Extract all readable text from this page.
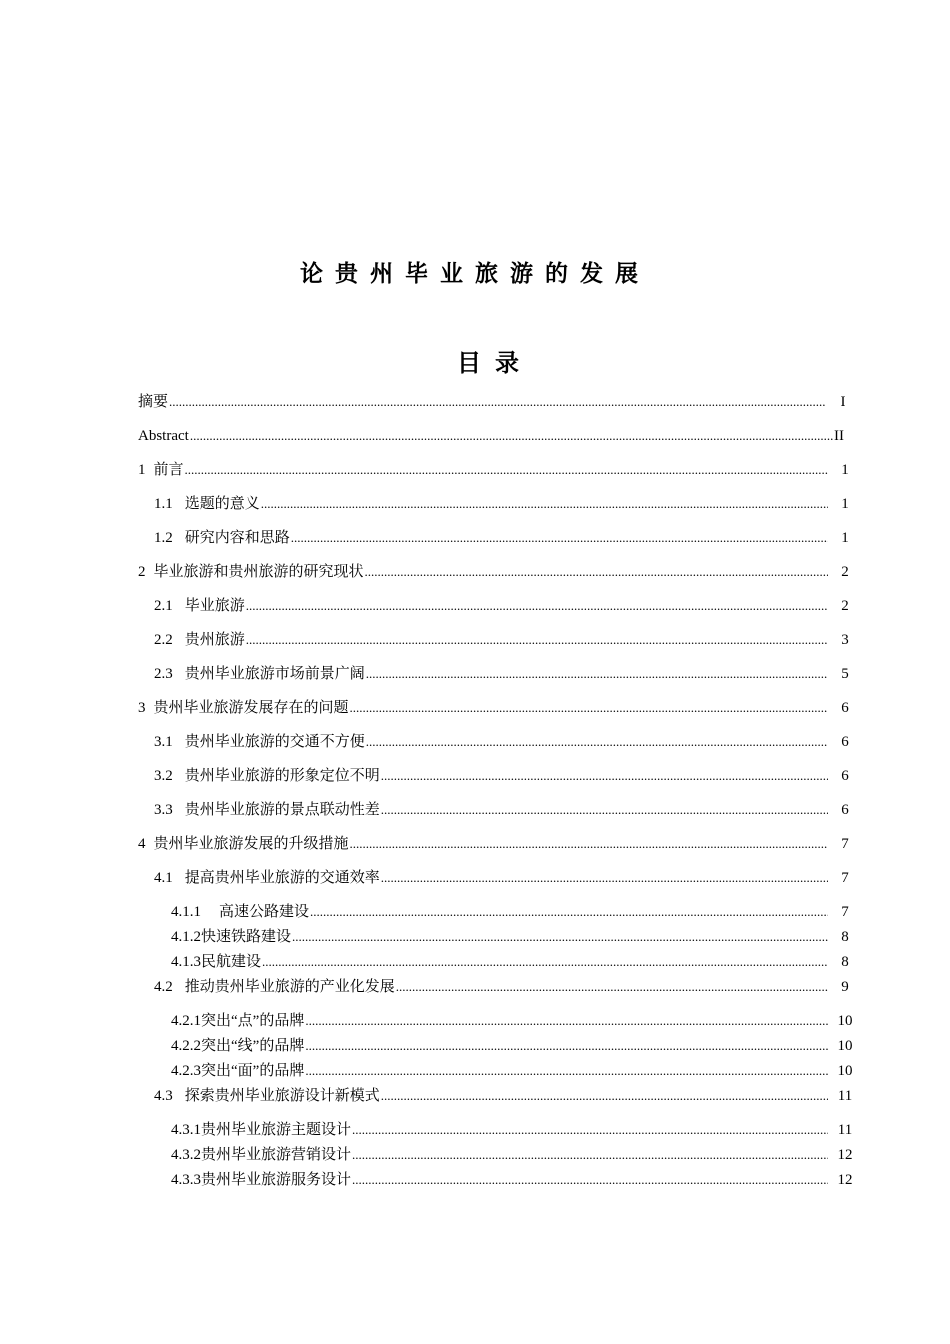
论贵州毕业旅游的发展
目录
摘要 .....	I
Abstract .....	II
1 前言 .....	1
1.1 选题的意义 .....	1
1.2 研究内容和思路 .....	1
2 毕业旅游和贵州旅游的研究现状 .....	2
2.1 毕业旅游 .....	2
2.2 贵州旅游 .....	3
2.3 贵州毕业旅游市场前景广阔 .....	5
3 贵州毕业旅游发展存在的问题 .....	6
3.1 贵州毕业旅游的交通不方便 .....	6
3.2 贵州毕业旅游的形象定位不明 .....	6
3.3 贵州毕业旅游的景点联动性差 .....	6
4 贵州毕业旅游发展的升级措施 .....	7
4.1 提高贵州毕业旅游的交通效率 .....	7
4.1.1 高速公路建设 .....	7
4.1.2快速铁路建设 .....	8
4.1.3民航建设 .....	8
4.2 推动贵州毕业旅游的产业化发展 .....	9
4.2.1突出“点”的品牌 .....	10
4.2.2突出“线”的品牌 .....	10
4.2.3突出“面”的品牌 .....	10
4.3 探索贵州毕业旅游设计新模式 .....	11
4.3.1贵州毕业旅游主题设计 .....	11
4.3.2贵州毕业旅游营销设计 .....	12
4.3.3贵州毕业旅游服务设计 .....	12
